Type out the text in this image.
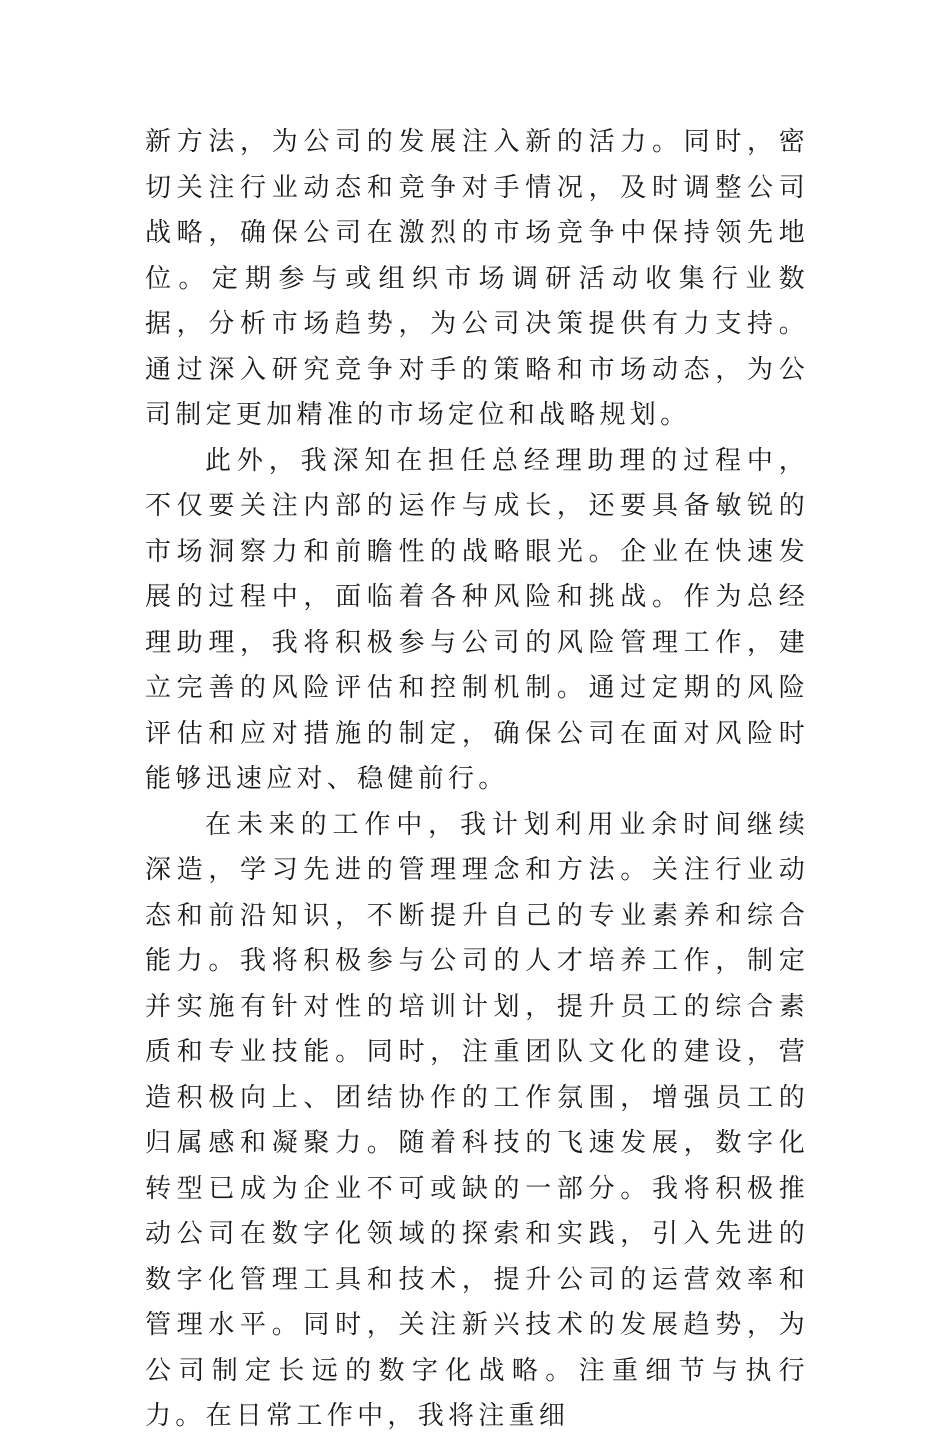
新方法，为公司的发展注入新的活力。同时，密切关注行业动态和竞争对手情况，及时调整公司战略，确保公司在激烈的市场竞争中保持领先地位。定期参与或组织市场调研活动收集行业数据，分析市场趋势，为公司决策提供有力支持。通过深入研究竞争对手的策略和市场动态，为公司制定更加精准的市场定位和战略规划。

此外，我深知在担任总经理助理的过程中，不仅要关注内部的运作与成长，还要具备敏锐的市场洞察力和前瞻性的战略眼光。企业在快速发展的过程中，面临着各种风险和挑战。作为总经理助理，我将积极参与公司的风险管理工作，建立完善的风险评估和控制机制。通过定期的风险评估和应对措施的制定，确保公司在面对风险时能够迅速应对、稳健前行。

在未来的工作中，我计划利用业余时间继续深造，学习先进的管理理念和方法。关注行业动态和前沿知识，不断提升自己的专业素养和综合能力。我将积极参与公司的人才培养工作，制定并实施有针对性的培训计划，提升员工的综合素质和专业技能。同时，注重团队文化的建设，营造积极向上、团结协作的工作氛围，增强员工的归属感和凝聚力。随着科技的飞速发展，数字化转型已成为企业不可或缺的一部分。我将积极推动公司在数字化领域的探索和实践，引入先进的数字化管理工具和技术，提升公司的运营效率和管理水平。同时，关注新兴技术的发展趋势，为公司制定长远的数字化战略。注重细节与执行力。在日常工作中，我将注重细
